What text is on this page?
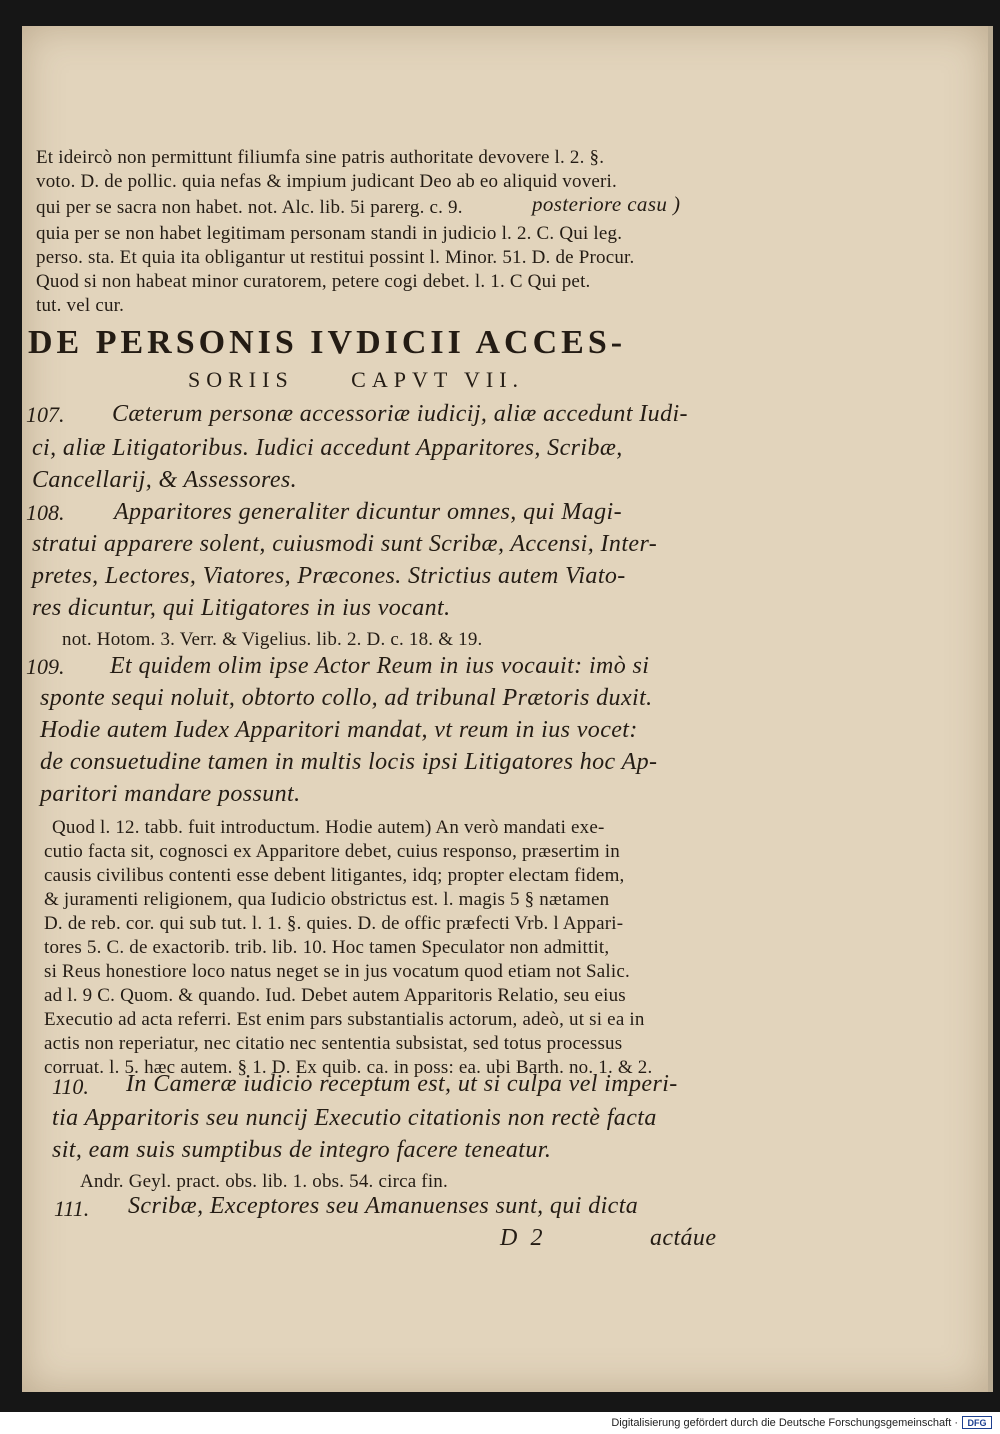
Et ideircò non permittunt filiumfa sine patris authoritate devovere l. 2. §.
voto. D. de pollic. quia nefas & impium judicant Deo ab eo aliquid voveri.
qui per se sacra non habet. not. Alc. lib. 5i parerg. c. 9.	posteriore casu )
quia per se non habet legitimam personam standi in judicio l. 2. C. Qui leg.
perso. sta. Et quia ita obligantur ut restitui possint l. Minor. 51. D. de Procur.
Quod si non habeat minor curatorem, petere cogi debet. l. 1. C Qui pet.
tut. vel cur.
DE PERSONIS IVDICII ACCES-
SORIIS     CAPVT VII.
107. Cæterum personæ accessoriæ iudicij, aliæ accedunt Iudi-
ci, aliæ Litigatoribus. Iudici accedunt Apparitores, Scribæ,
Cancellarij, & Assessores.
108. Apparitores generaliter dicuntur omnes, qui Magi-
stratui apparere solent, cuiusmodi sunt Scribæ, Accensi, Inter-
pretes, Lectores, Viatores, Præcones. Strictius autem Viato-
res dicuntur, qui Litigatores in ius vocant.
not. Hotom. 3. Verr. & Vigelius. lib. 2. D. c. 18. & 19.
109. Et quidem olim ipse Actor Reum in ius vocauit: imò si
sponte sequi noluit, obtorto collo, ad tribunal Prætoris duxit.
Hodie autem Iudex Apparitori mandat, vt reum in ius vocet:
de consuetudine tamen in multis locis ipsi Litigatores hoc Ap-
paritori mandare possunt.
Quod l. 12. tabb. fuit introductum. Hodie autem) An verò mandati exe-
cutio facta sit, cognosci ex Apparitore debet, cuius responso, præsertim in
causis civilibus contenti esse debent litigantes, idq; propter electam fidem,
& juramenti religionem, qua Iudicio obstrictus est. l. magis 5 § nætamen
D. de reb. cor. qui sub tut. l. 1. §. quies. D. de offic præfecti Vrb. l Appari-
tores 5. C. de exactorib. trib. lib. 10. Hoc tamen Speculator non admittit,
si Reus honestiore loco natus neget se in jus vocatum quod etiam not Salic.
ad l. 9 C. Quom. & quando. Iud. Debet autem Apparitoris Relatio, seu eius
Executio ad acta referri. Est enim pars substantialis actorum, adeò, ut si ea in
actis non reperiatur, nec citatio nec sententia subsistat, sed totus processus
corruat. l. 5. hæc autem. § 1. D. Ex quib. ca. in poss: ea. ubi Barth. no. 1. & 2.
110. In Cameræ iudicio receptum est, ut si culpa vel imperi-
tia Apparitoris seu nuncij Executio citationis non rectè facta
sit, eam suis sumptibus de integro facere teneatur.
Andr. Geyl. pract. obs. lib. 1. obs. 54. circa fin.
111. Scribæ, Exceptores seu Amanuenses sunt, qui dicta
D  2	actáue
Digitalisierung gefördert durch die Deutsche Forschungsgemeinschaft ·	DFG
